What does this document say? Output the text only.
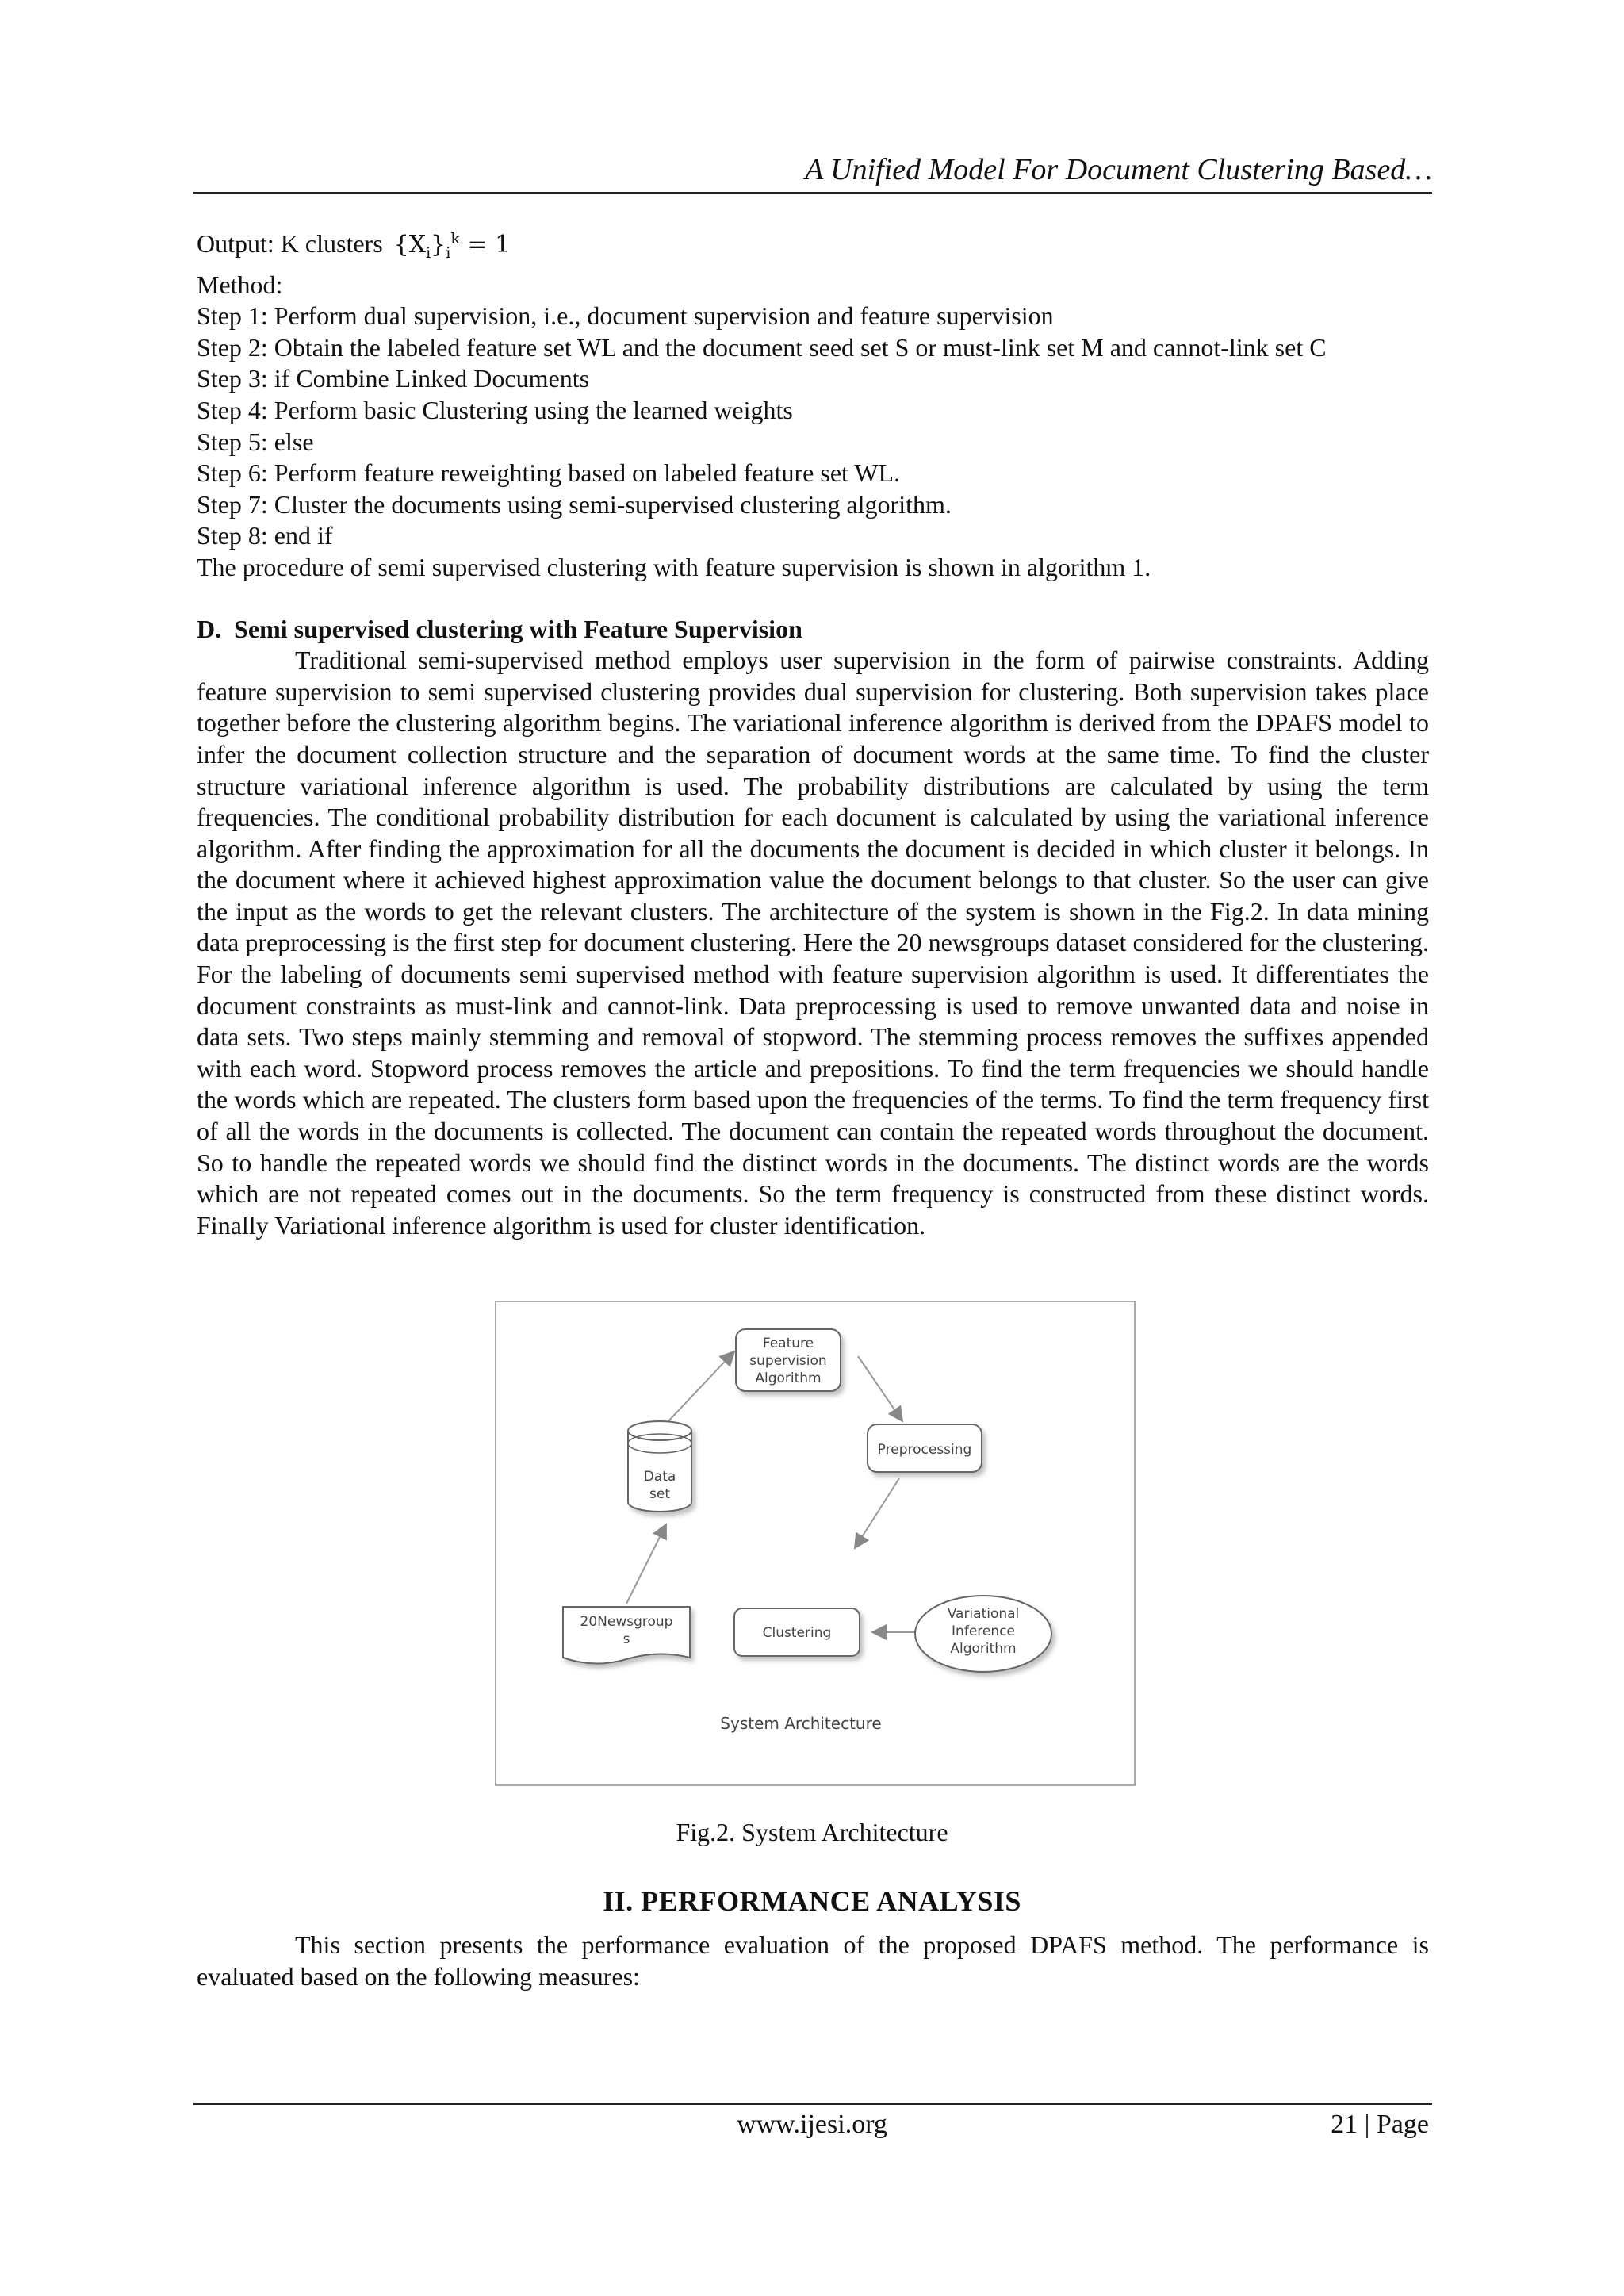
A Unified Model For Document Clustering Based…

Output: K clusters $\{X_i\}_i^k = 1$

Method:

Step 1: Perform dual supervision, i.e., document supervision and feature supervision

Step 2: Obtain the labeled feature set WL and the document seed set S or must-link set M and cannot-link set C

Step 3: if Combine Linked Documents

Step 4: Perform basic Clustering using the learned weights

Step 5: else

Step 6: Perform feature reweighting based on labeled feature set WL.

Step 7: Cluster the documents using semi-supervised clustering algorithm.

Step 8: end if

The procedure of semi supervised clustering with feature supervision is shown in algorithm 1.

D. Semi supervised clustering with Feature Supervision

Traditional semi-supervised method employs user supervision in the form of pairwise constraints. Adding feature supervision to semi supervised clustering provides dual supervision for clustering. Both supervision takes place together before the clustering algorithm begins. The variational inference algorithm is derived from the DPAFS model to infer the document collection structure and the separation of document words at the same time. To find the cluster structure variational inference algorithm is used. The probability distributions are calculated by using the term frequencies. The conditional probability distribution for each document is calculated by using the variational inference algorithm. After finding the approximation for all the documents the document is decided in which cluster it belongs. In the document where it achieved highest approximation value the document belongs to that cluster. So the user can give the input as the words to get the relevant clusters. The architecture of the system is shown in the Fig.2. In data mining data preprocessing is the first step for document clustering. Here the 20 newsgroups dataset considered for the clustering. For the labeling of documents semi supervised method with feature supervision algorithm is used. It differentiates the document constraints as must-link and cannot-link. Data preprocessing is used to remove unwanted data and noise in data sets. Two steps mainly stemming and removal of stopword. The stemming process removes the suffixes appended with each word. Stopword process removes the article and prepositions. To find the term frequencies we should handle the words which are repeated. The clusters form based upon the frequencies of the terms. To find the term frequency first of all the words in the documents is collected. The document can contain the repeated words throughout the document. So to handle the repeated words we should find the distinct words in the documents. The distinct words are the words which are not repeated comes out in the documents. So the term frequency is constructed from these distinct words. Finally Variational inference algorithm is used for cluster identification.

Feature
supervision
Algorithm
Preprocessing
Data
set
20Newsgroup
s	Clustering
Variational
Inference
Algorithm
System Architecture
Fig.2. System Architecture
II. PERFORMANCE ANALYSIS

This section presents the performance evaluation of the proposed DPAFS method. The performance is evaluated based on the following measures:

www.ijesi.org	21 | Page
